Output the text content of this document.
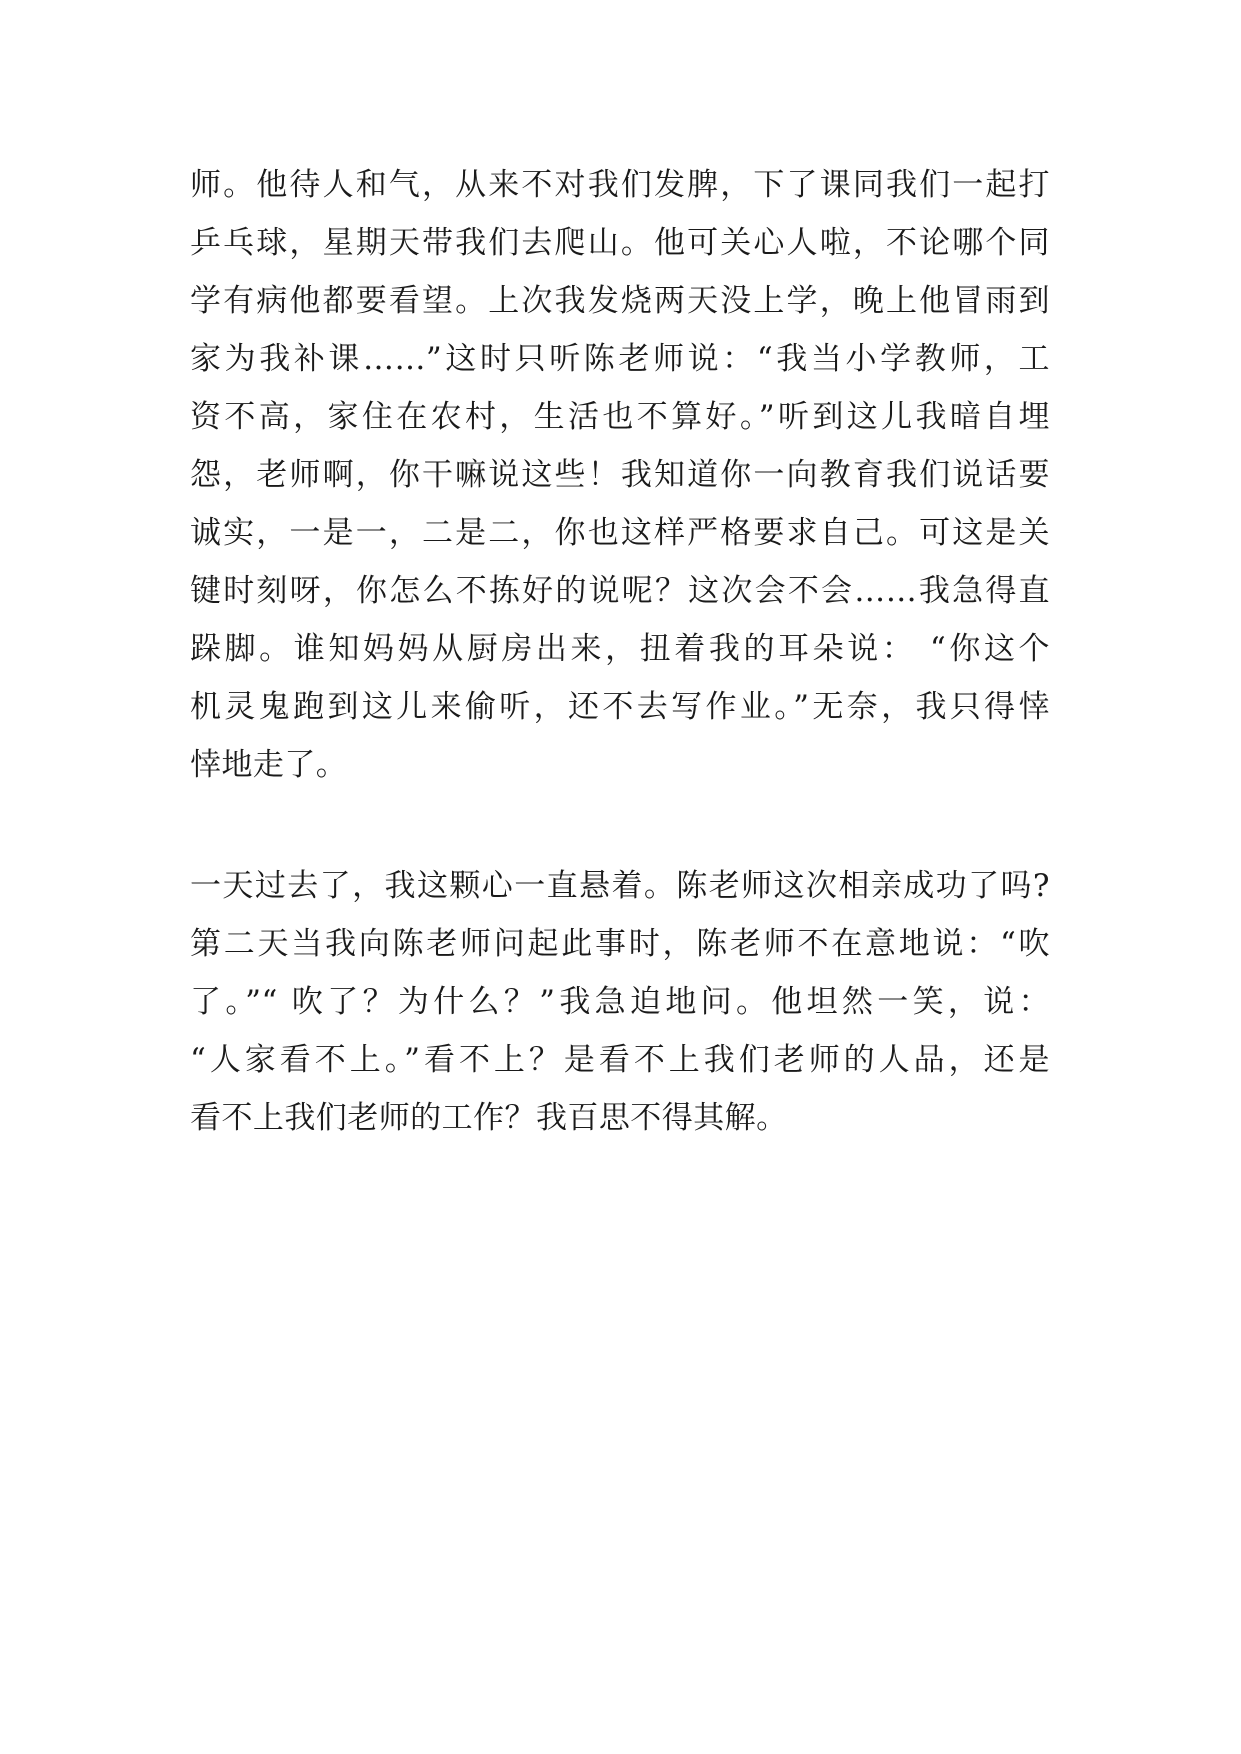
师。他待人和气，从来不对我们发脾，下了课同我们一起打
乒乓球，星期天带我们去爬山。他可关心人啦，不论哪个同
学有病他都要看望。上次我发烧两天没上学，晚上他冒雨到
家为我补课……”这时只听陈老师说：“我当小学教师，工
资不高，家住在农村，生活也不算好。”听到这儿我暗自埋
怨，老师啊，你干嘛说这些！我知道你一向教育我们说话要
诚实，一是一，二是二，你也这样严格要求自己。可这是关
键时刻呀，你怎么不拣好的说呢？这次会不会……我急得直
跺脚。谁知妈妈从厨房出来，扭着我的耳朵说： “你这个
机灵鬼跑到这儿来偷听，还不去写作业。”无奈，我只得悻
悻地走了。
一天过去了，我这颗心一直悬着。陈老师这次相亲成功了吗?
第二天当我向陈老师问起此事时，陈老师不在意地说：“吹
了。”“ 吹了？为什么？”我急迫地问。他坦然一笑，说：
“人家看不上。”看不上？是看不上我们老师的人品，还是
看不上我们老师的工作？我百思不得其解。
